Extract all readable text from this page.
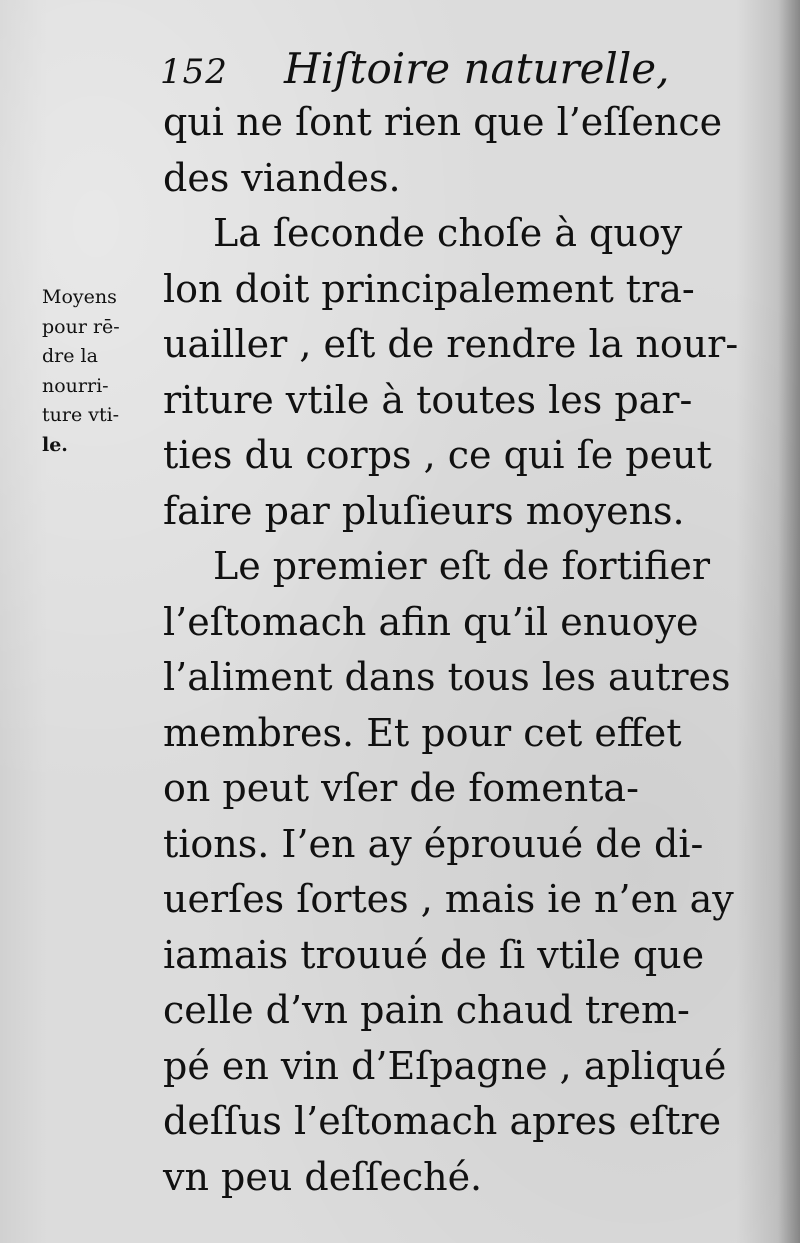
152 Hiſtoire naturelle,
Moyens
pour rē-
dre la
nourri-
ture vti-
le.
qui ne ſont rien que l’eſſence
des viandes.
La ſeconde choſe à quoy
lon doit principalement tra-
uailler , eſt de rendre la nour-
riture vtile à toutes les par-
ties du corps , ce qui ſe peut
faire par pluſieurs moyens.
Le premier eſt de fortifier
l’eſtomach afin qu’il enuoye
l’aliment dans tous les autres
membres. Et pour cet effet
on peut vſer de fomenta-
tions. I’en ay éprouué de di-
uerſes ſortes , mais ie n’en ay
iamais trouué de ſi vtile que
celle d’vn pain chaud trem-
pé en vin d’Eſpagne , apliqué
deſſus l’eſtomach apres eſtre
vn peu deſſeché.
